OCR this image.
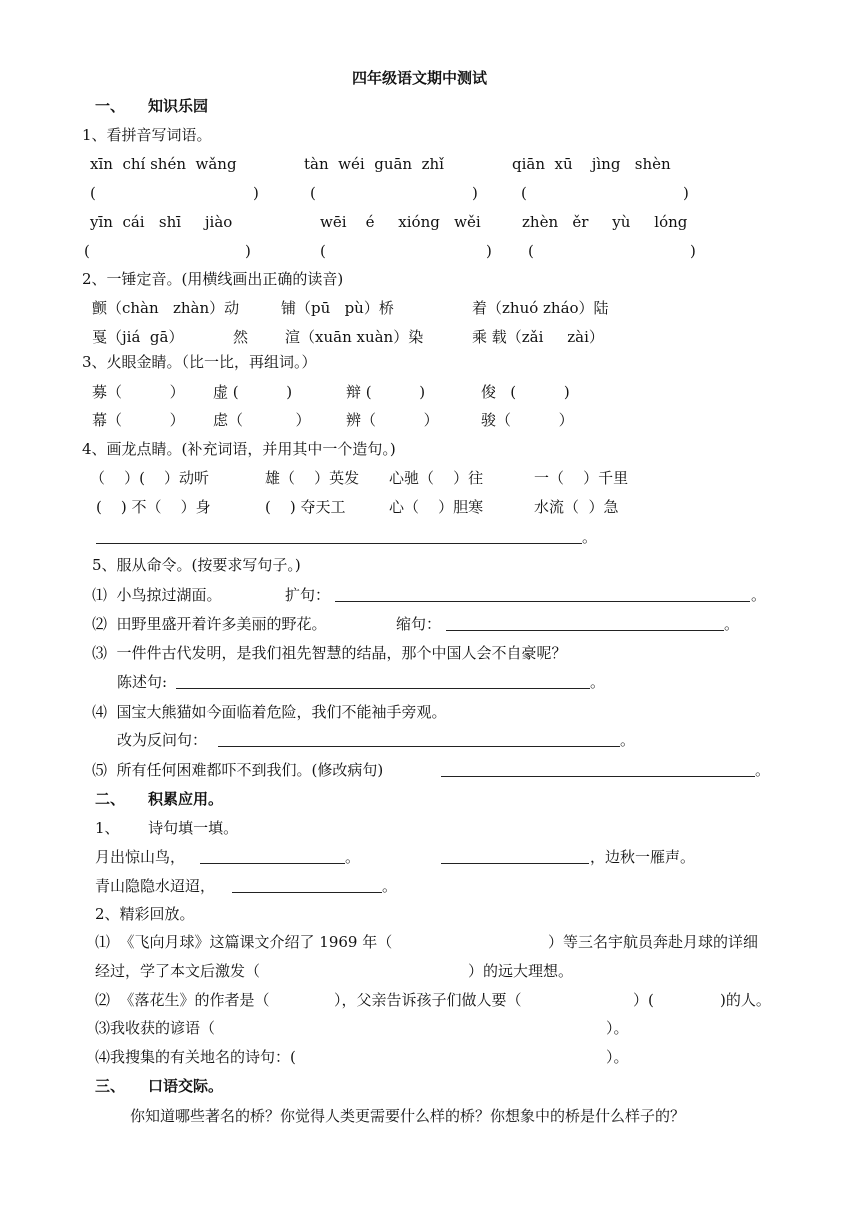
四年级语文期中测试
一、 知识乐园
1、看拼音写词语。
xīn  chí shén  wǎng	tàn  wéi  guān  zhǐ	qiān  xū    jìng   shèn
(	)	(	)	(	)
yīn  cái   shī     jiào	wēi    é     xióng   wěi	zhèn   ěr     yù     lóng
(	)	(	) (	)
2、一锤定音。(用横线画出正确的读音)
颤（chàn   zhàn）动	铺（pū   pù）桥	着（zhuó zháo）陆
戛（jiá  gā）	然 渲（xuān xuàn）染	乘 载（zǎi     zài）
3、火眼金睛。（比一比，再组词。）
募（          ） 虚 (          )	辩 (          )	俊   (          )
幕（          ） 虑（           ） 辨（          ）	骏（          ）
4、画龙点睛。(补充词语，并用其中一个造句。)
（    ）(    ）动听	雄（    ）英发 心驰（    ）往	一（    ）千里
(    ) 不（    ）身	(    ) 夺天工	心（    ）胆寒	水流（  ）急
。
5、服从命令。(按要求写句子。)
⑴  小鸟掠过湖面。	扩句：	。
⑵  田野里盛开着许多美丽的野花。	缩句：	。
⑶  一件件古代发明，是我们祖先智慧的结晶，那个中国人会不自豪呢？
陈述句:	。
⑷  国宝大熊猫如今面临着危险，我们不能袖手旁观。
改为反问句：	。
⑸  所有任何困难都吓不到我们。(修改病句)	。
二、 积累应用。
1、      诗句填一填。
月出惊山鸟，	。	，边秋一雁声。
青山隐隐水迢迢，	。
2、精彩回放。
⑴  《飞向月球》这篇课文介绍了 1969 年（	）等三名宇航员奔赴月球的详细
经过，学了本文后激发（	）的远大理想。
⑵  《落花生》的作者是（	），父亲告诉孩子们做人要（	）(	)的人。
⑶我收获的谚语（	）。
⑷我搜集的有关地名的诗句：(	）。
三、 口语交际。
你知道哪些著名的桥？你觉得人类更需要什么样的桥？你想象中的桥是什么样子的？
